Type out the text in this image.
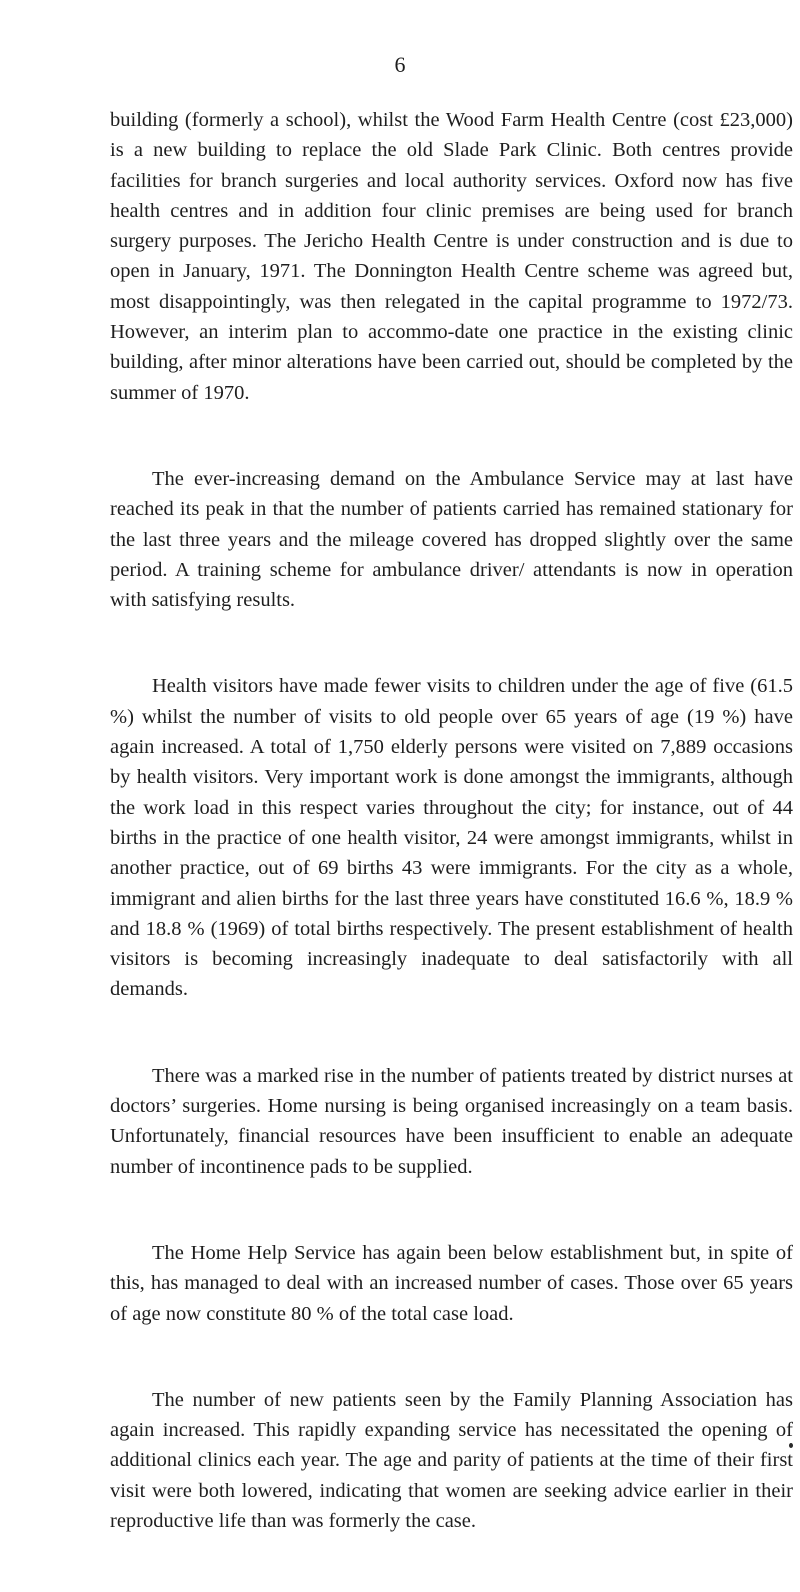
6

building (formerly a school), whilst the Wood Farm Health Centre (cost £23,000) is a new building to replace the old Slade Park Clinic. Both centres provide facilities for branch surgeries and local authority services. Oxford now has five health centres and in addition four clinic premises are being used for branch surgery purposes. The Jericho Health Centre is under construction and is due to open in January, 1971. The Donnington Health Centre scheme was agreed but, most disappointingly, was then relegated in the capital programme to 1972/73. However, an interim plan to accommo-date one practice in the existing clinic building, after minor alterations have been carried out, should be completed by the summer of 1970.

The ever-increasing demand on the Ambulance Service may at last have reached its peak in that the number of patients carried has remained stationary for the last three years and the mileage covered has dropped slightly over the same period. A training scheme for ambulance driver/ attendants is now in operation with satisfying results.

Health visitors have made fewer visits to children under the age of five (61.5 %) whilst the number of visits to old people over 65 years of age (19 %) have again increased. A total of 1,750 elderly persons were visited on 7,889 occasions by health visitors. Very important work is done amongst the immigrants, although the work load in this respect varies throughout the city; for instance, out of 44 births in the practice of one health visitor, 24 were amongst immigrants, whilst in another practice, out of 69 births 43 were immigrants. For the city as a whole, immigrant and alien births for the last three years have constituted 16.6 %, 18.9 % and 18.8 % (1969) of total births respectively. The present establishment of health visitors is becoming increasingly inadequate to deal satisfactorily with all demands.

There was a marked rise in the number of patients treated by district nurses at doctors’ surgeries. Home nursing is being organised increasingly on a team basis. Unfortunately, financial resources have been insufficient to enable an adequate number of incontinence pads to be supplied.

The Home Help Service has again been below establishment but, in spite of this, has managed to deal with an increased number of cases. Those over 65 years of age now constitute 80 % of the total case load.

The number of new patients seen by the Family Planning Association has again increased. This rapidly expanding service has necessitated the opening of additional clinics each year. The age and parity of patients at the time of their first visit were both lowered, indicating that women are seeking advice earlier in their reproductive life than was formerly the case.
